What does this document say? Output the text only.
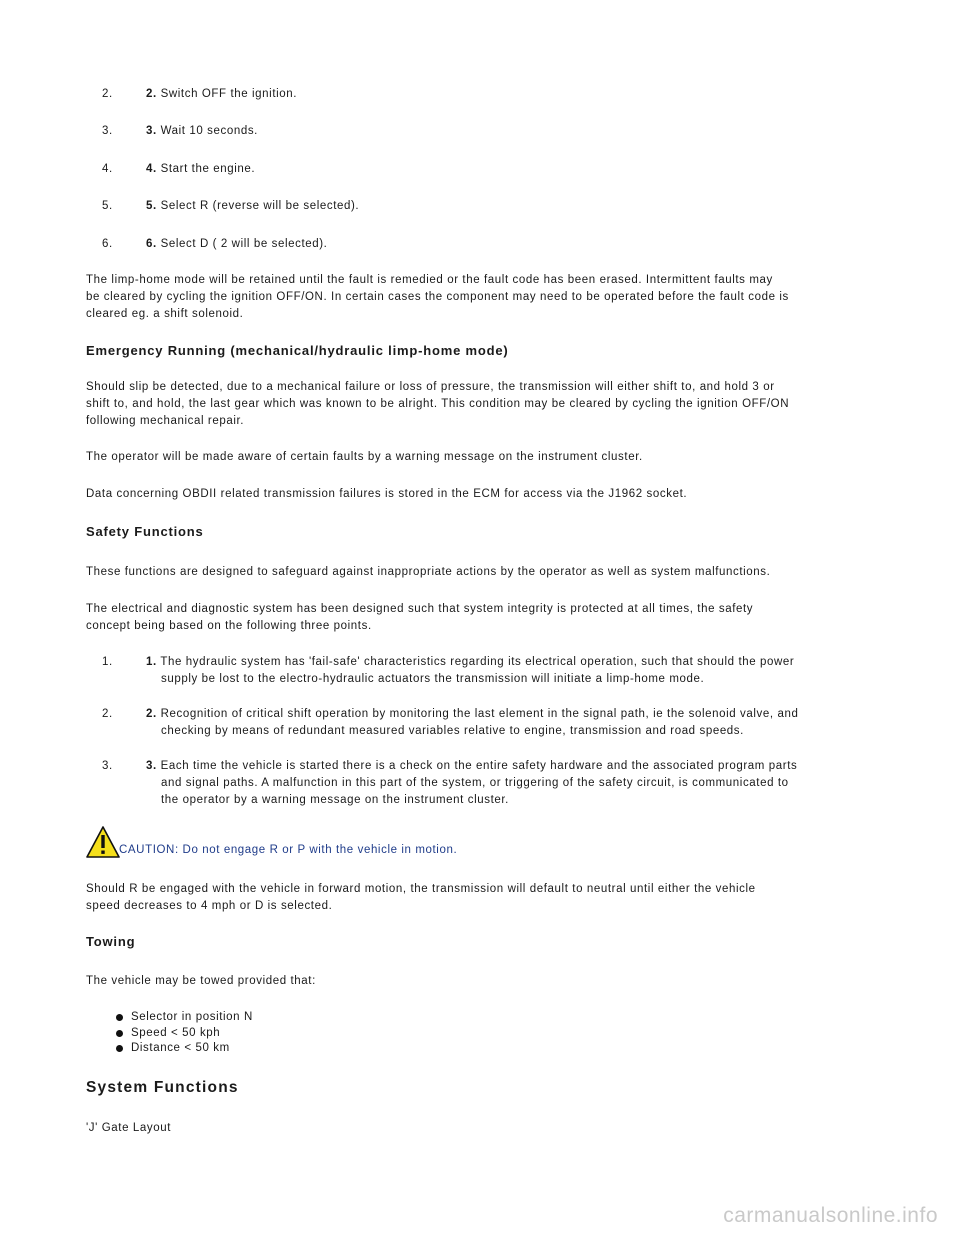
2.	2. Switch OFF the ignition.
3.	3. Wait 10 seconds.
4.	4. Start the engine.
5.	5. Select R (reverse will be selected).
6.	6. Select D ( 2 will be selected).
The limp-home mode will be retained until the fault is remedied or the fault code has been erased. Intermittent faults may
be cleared by cycling the ignition OFF/ON. In certain cases the component may need to be operated before the fault code is
cleared eg. a shift solenoid.
Emergency Running (mechanical/hydraulic limp-home mode)
Should slip be detected, due to a mechanical failure or loss of pressure, the transmission will either shift to, and hold 3 or
shift to, and hold, the last gear which was known to be alright. This condition may be cleared by cycling the ignition OFF/ON
following mechanical repair.
The operator will be made aware of certain faults by a warning message on the instrument cluster.
Data concerning OBDII related transmission failures is stored in the ECM for access via the J1962 socket.
Safety Functions
These functions are designed to safeguard against inappropriate actions by the operator as well as system malfunctions.
The electrical and diagnostic system has been designed such that system integrity is protected at all times, the safety
concept being based on the following three points.
1.	1. The hydraulic system has 'fail-safe' characteristics regarding its electrical operation, such that should the power
supply be lost to the electro-hydraulic actuators the transmission will initiate a limp-home mode.
2.	2. Recognition of critical shift operation by monitoring the last element in the signal path, ie the solenoid valve, and
checking by means of redundant measured variables relative to engine, transmission and road speeds.
3.	3. Each time the vehicle is started there is a check on the entire safety hardware and the associated program parts
and signal paths. A malfunction in this part of the system, or triggering of the safety circuit, is communicated to
the operator by a warning message on the instrument cluster.
CAUTION: Do not engage R or P with the vehicle in motion.
Should R be engaged with the vehicle in forward motion, the transmission will default to neutral until either the vehicle
speed decreases to 4 mph or D is selected.
Towing
The vehicle may be towed provided that:
Selector in position N
Speed < 50 kph
Distance < 50 km
System Functions
'J' Gate Layout
carmanualsonline.info
